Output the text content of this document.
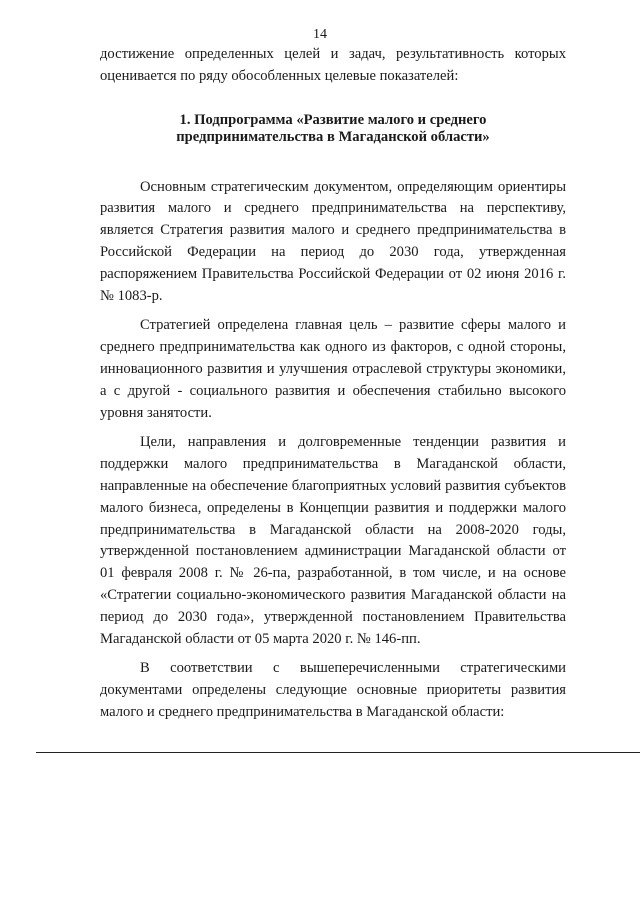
14

достижение определенных целей и задач, результативность которых оценивается по ряду обособленных целевые показателей:

1. Подпрограмма «Развитие малого и среднего
предпринимательства в Магаданской области»

Основным стратегическим документом, определяющим ориентиры развития малого и среднего предпринимательства на перспективу, является Стратегия развития малого и среднего предпринимательства в Российской Федерации на период до 2030 года, утвержденная распоряжением Правительства Российской Федерации от 02 июня 2016 г. № 1083-р.

Стратегией определена главная цель – развитие сферы малого и среднего предпринимательства как одного из факторов, с одной стороны, инновационного развития и улучшения отраслевой структуры экономики, а с другой - социального развития и обеспечения стабильно высокого уровня занятости.

Цели, направления и долговременные тенденции развития и поддержки малого предпринимательства в Магаданской области, направленные на обеспечение благоприятных условий развития субъектов малого бизнеса, определены в Концепции развития и поддержки малого предпринимательства в Магаданской области на 2008-2020 годы, утвержденной постановлением администрации Магаданской области от 01 февраля 2008 г. № 26-па, разработанной, в том числе, и на основе «Стратегии социально-экономического развития Магаданской области на период до 2030 года», утвержденной постановлением Правительства Магаданской области от 05 марта 2020 г. № 146-пп.

В соответствии с вышеперечисленными стратегическими документами определены следующие основные приоритеты развития малого и среднего предпринимательства в Магаданской области:
